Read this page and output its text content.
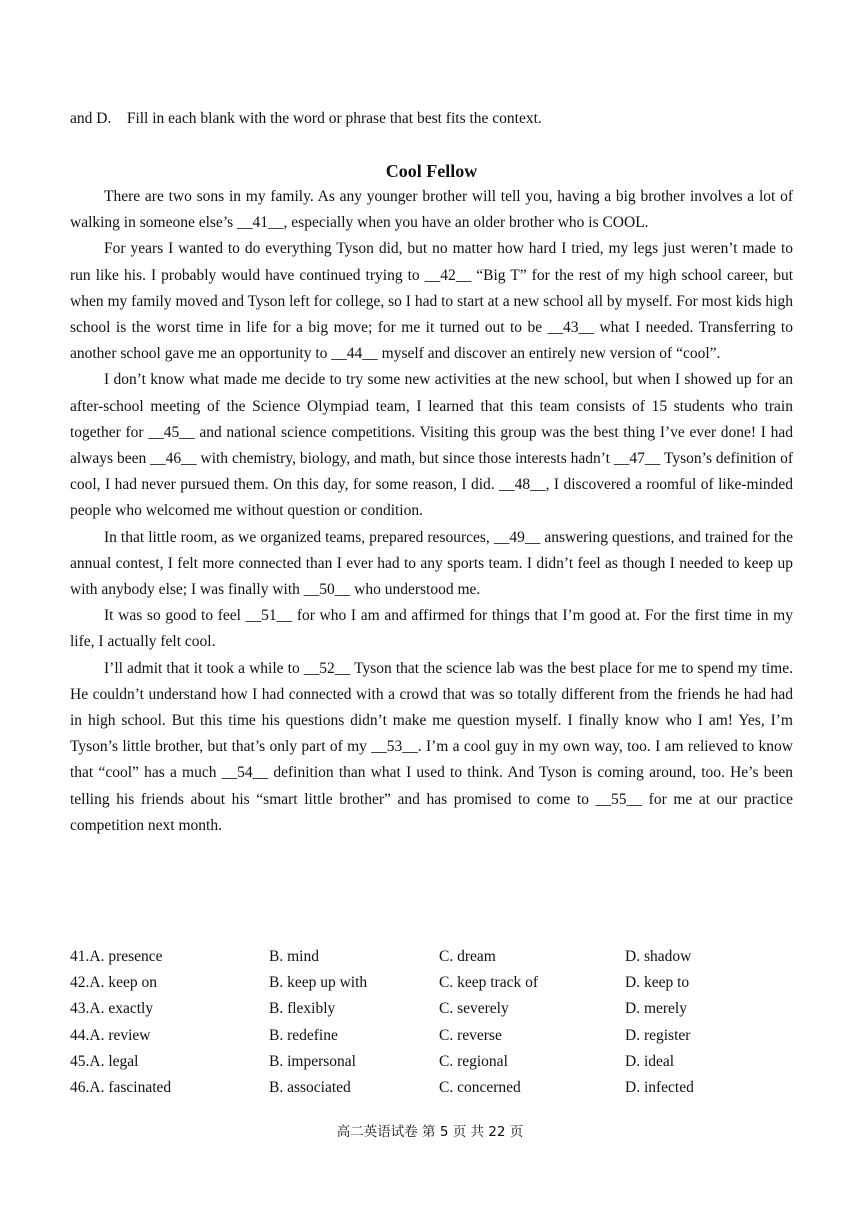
and D.    Fill in each blank with the word or phrase that best fits the context.
Cool Fellow

There are two sons in my family. As any younger brother will tell you, having a big brother involves a lot of walking in someone else’s __41__, especially when you have an older brother who is COOL.

For years I wanted to do everything Tyson did, but no matter how hard I tried, my legs just weren’t made to run like his. I probably would have continued trying to __42__ “Big T” for the rest of my high school career, but when my family moved and Tyson left for college, so I had to start at a new school all by myself. For most kids high school is the worst time in life for a big move; for me it turned out to be __43__ what I needed. Transferring to another school gave me an opportunity to __44__ myself and discover an entirely new version of “cool”.

I don’t know what made me decide to try some new activities at the new school, but when I showed up for an after-school meeting of the Science Olympiad team, I learned that this team consists of 15 students who train together for __45__ and national science competitions. Visiting this group was the best thing I’ve ever done! I had always been __46__ with chemistry, biology, and math, but since those interests hadn’t __47__ Tyson’s definition of cool, I had never pursued them. On this day, for some reason, I did. __48__, I discovered a roomful of like-minded people who welcomed me without question or condition.

In that little room, as we organized teams, prepared resources, __49__ answering questions, and trained for the annual contest, I felt more connected than I ever had to any sports team. I didn’t feel as though I needed to keep up with anybody else; I was finally with __50__ who understood me.

It was so good to feel __51__ for who I am and affirmed for things that I’m good at. For the first time in my life, I actually felt cool.

I’ll admit that it took a while to __52__ Tyson that the science lab was the best place for me to spend my time. He couldn’t understand how I had connected with a crowd that was so totally different from the friends he had had in high school. But this time his questions didn’t make me question myself. I finally know who I am! Yes, I’m Tyson’s little brother, but that’s only part of my __53__. I’m a cool guy in my own way, too. I am relieved to know that “cool” has a much __54__ definition than what I used to think. And Tyson is coming around, too. He’s been telling his friends about his “smart little brother” and has promised to come to __55__ for me at our practice competition next month.

41.A. presence	B. mind	C. dream	D. shadow
42.A. keep on	B. keep up with	C. keep track of	D. keep to
43.A. exactly	B. flexibly	C. severely	D. merely
44.A. review	B. redefine	C. reverse	D. register
45.A. legal	B. impersonal	C. regional	D. ideal
46.A. fascinated	B. associated	C. concerned	D. infected
高二英语试卷 第 5 页 共 22 页
